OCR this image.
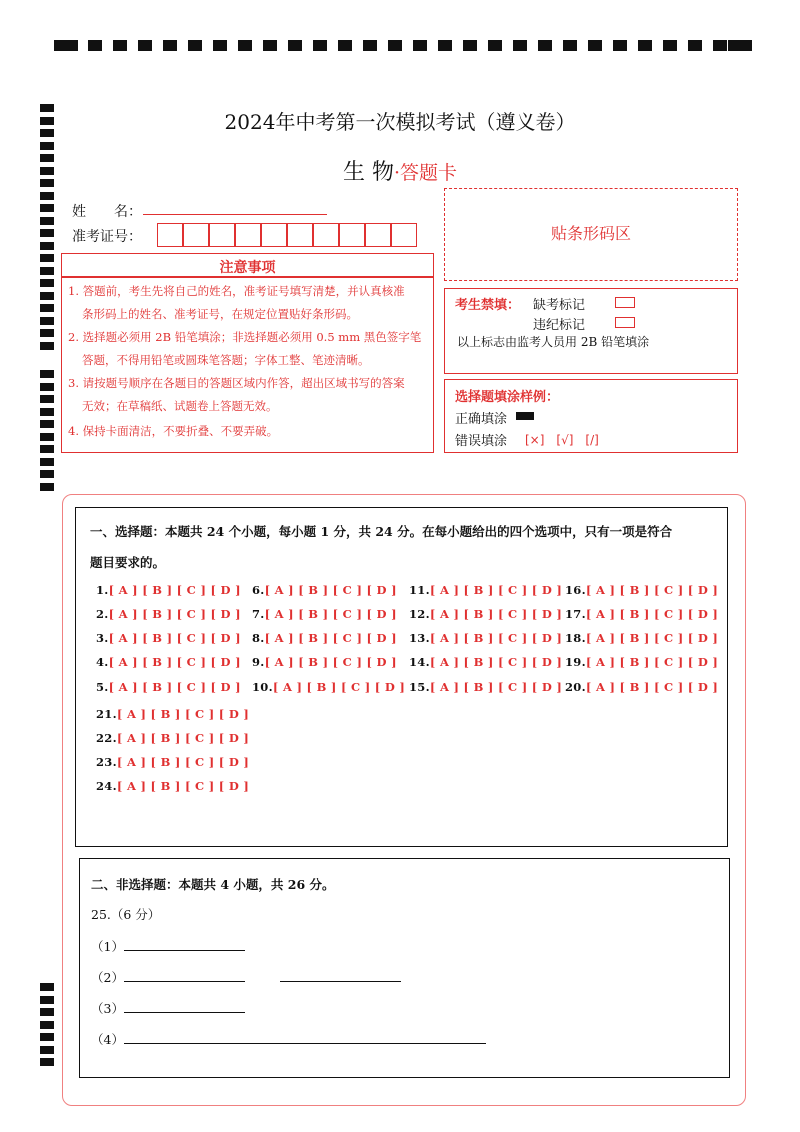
2024年中考第一次模拟考试（遵义卷）
生 物·答题卡
姓　　名：
准考证号：	贴条形码区
注意事项
1. 答题前，考生先将自己的姓名，准考证号填写清楚，并认真核准
条形码上的姓名、准考证号，在规定位置贴好条形码。
2. 选择题必须用 2B 铅笔填涂；非选择题必须用 0.5 mm 黑色签字笔
答题，不得用铅笔或圆珠笔答题；字体工整、笔迹清晰。
3. 请按题号顺序在各题目的答题区域内作答，超出区域书写的答案
无效；在草稿纸、试题卷上答题无效。
4. 保持卡面清洁，不要折叠、不要弄破。
考生禁填： 缺考标记
违纪标记
以上标志由监考人员用 2B 铅笔填涂
选择题填涂样例：
正确填涂
错误填涂 [×]　[√]　[/]
一、选择题：本题共 24 个小题，每小题 1 分，共 24 分。在每小题给出的四个选项中，只有一项是符合
题目要求的。
1.[ A ] [ B ] [ C ] [ D ]
2.[ A ] [ B ] [ C ] [ D ]
3.[ A ] [ B ] [ C ] [ D ]
4.[ A ] [ B ] [ C ] [ D ]
5.[ A ] [ B ] [ C ] [ D ]
6.[ A ] [ B ] [ C ] [ D ]
7.[ A ] [ B ] [ C ] [ D ]
8.[ A ] [ B ] [ C ] [ D ]
9.[ A ] [ B ] [ C ] [ D ]
10.[ A ] [ B ] [ C ] [ D ]
11.[ A ] [ B ] [ C ] [ D ]
12.[ A ] [ B ] [ C ] [ D ]
13.[ A ] [ B ] [ C ] [ D ]
14.[ A ] [ B ] [ C ] [ D ]
15.[ A ] [ B ] [ C ] [ D ]
16.[ A ] [ B ] [ C ] [ D ]
17.[ A ] [ B ] [ C ] [ D ]
18.[ A ] [ B ] [ C ] [ D ]
19.[ A ] [ B ] [ C ] [ D ]
20.[ A ] [ B ] [ C ] [ D ]
21.[ A ] [ B ] [ C ] [ D ]
22.[ A ] [ B ] [ C ] [ D ]
23.[ A ] [ B ] [ C ] [ D ]
24.[ A ] [ B ] [ C ] [ D ]
二、非选择题：本题共 4 小题，共 26 分。
25.（6 分）
（1）
（2）
（3）
（4）
